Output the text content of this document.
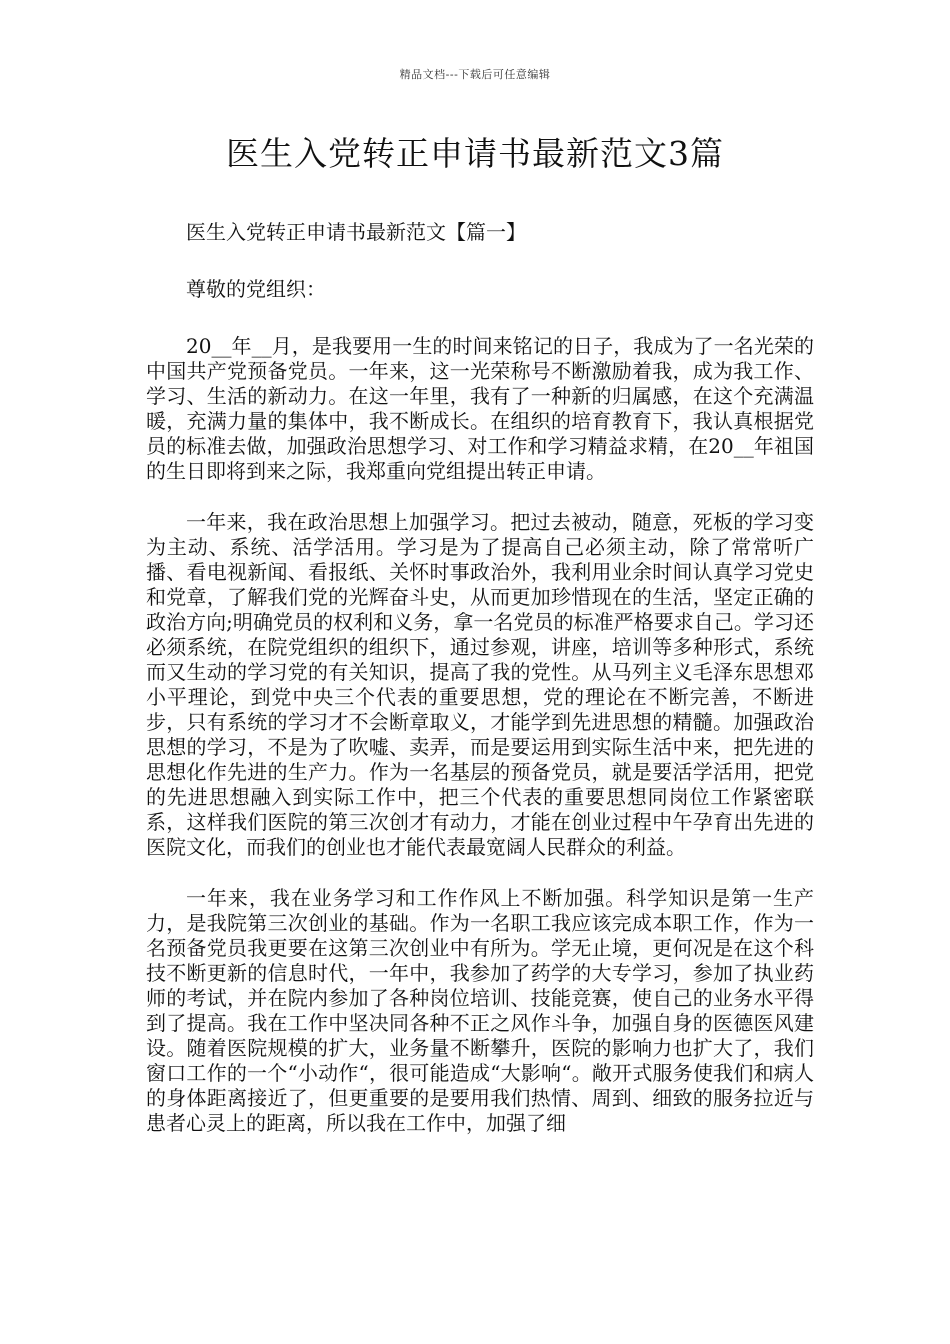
精品文档---下载后可任意编辑
医生入党转正申请书最新范文3篇

医生入党转正申请书最新范文【篇一】

尊敬的党组织：

20__年__月，是我要用一生的时间来铭记的日子，我成为了一名光荣的中国共产党预备党员。一年来，这一光荣称号不断激励着我，成为我工作、学习、生活的新动力。在这一年里，我有了一种新的归属感，在这个充满温暖，充满力量的集体中，我不断成长。在组织的培育教育下，我认真根据党员的标准去做，加强政治思想学习、对工作和学习精益求精，在20__年祖国的生日即将到来之际，我郑重向党组提出转正申请。

一年来，我在政治思想上加强学习。把过去被动，随意，死板的学习变为主动、系统、活学活用。学习是为了提高自己必须主动，除了常常听广播、看电视新闻、看报纸、关怀时事政治外，我利用业余时间认真学习党史和党章，了解我们党的光辉奋斗史，从而更加珍惜现在的生活，坚定正确的政治方向;明确党员的权利和义务，拿一名党员的标准严格要求自己。学习还必须系统，在院党组织的组织下，通过参观，讲座，培训等多种形式，系统而又生动的学习党的有关知识，提高了我的党性。从马列主义毛泽东思想邓小平理论，到党中央三个代表的重要思想，党的理论在不断完善，不断进步，只有系统的学习才不会断章取义，才能学到先进思想的精髓。加强政治思想的学习，不是为了吹嘘、卖弄，而是要运用到实际生活中来，把先进的思想化作先进的生产力。作为一名基层的预备党员，就是要活学活用，把党的先进思想融入到实际工作中，把三个代表的重要思想同岗位工作紧密联系，这样我们医院的第三次创才有动力，才能在创业过程中午孕育出先进的医院文化，而我们的创业也才能代表最宽阔人民群众的利益。

一年来，我在业务学习和工作作风上不断加强。科学知识是第一生产力，是我院第三次创业的基础。作为一名职工我应该完成本职工作，作为一名预备党员我更要在这第三次创业中有所为。学无止境，更何况是在这个科技不断更新的信息时代，一年中，我参加了药学的大专学习，参加了执业药师的考试，并在院内参加了各种岗位培训、技能竞赛，使自己的业务水平得到了提高。我在工作中坚决同各种不正之风作斗争，加强自身的医德医风建设。随着医院规模的扩大，业务量不断攀升，医院的影响力也扩大了，我们窗口工作的一个“小动作“，很可能造成“大影响“。敞开式服务使我们和病人的身体距离接近了，但更重要的是要用我们热情、周到、细致的服务拉近与患者心灵上的距离，所以我在工作中，加强了细
